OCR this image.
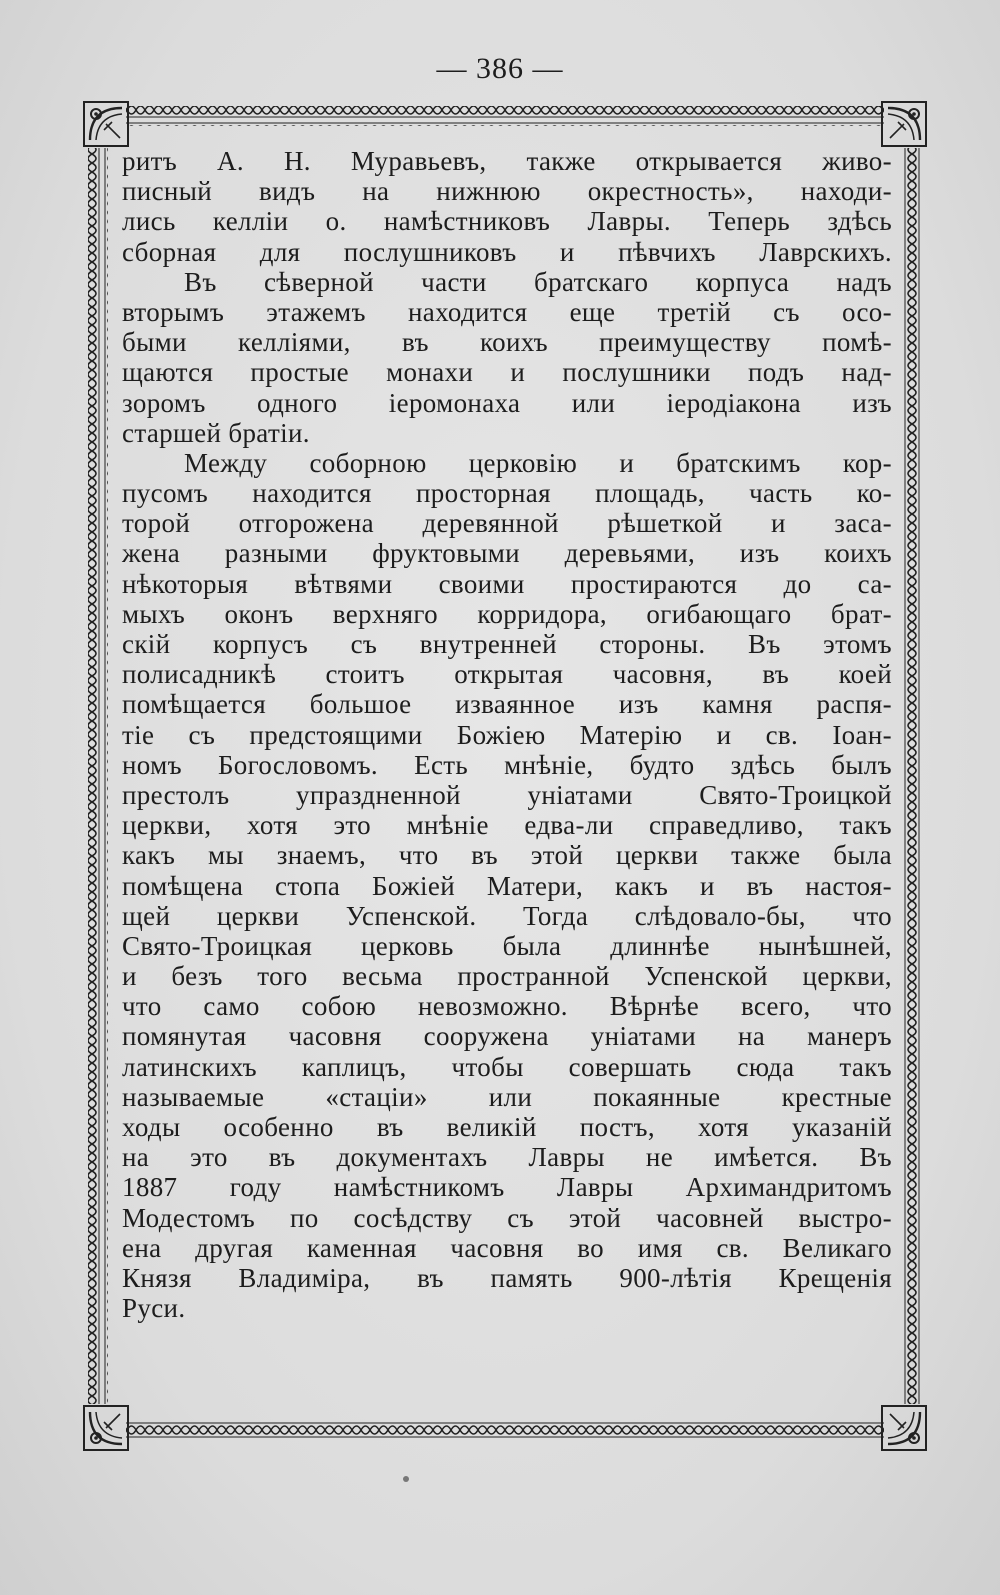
— 386 —
ритъ А. Н. Муравьевъ, также открывается живо-
писный видъ на нижнюю окрестность», находи-
лись келліи о. намѣстниковъ Лавры. Теперь здѣсь
сборная для послушниковъ и пѣвчихъ Лаврскихъ.
Въ сѣверной части братскаго корпуса надъ
вторымъ этажемъ находится еще третій съ осо-
быми келліями, въ коихъ преимуществу помѣ-
щаются простые монахи и послушники подъ над-
зоромъ одного іеромонаха или іеродіакона изъ
старшей братіи.
Между соборною церковію и братскимъ кор-
пусомъ находится просторная площадь, часть ко-
торой отгорожена деревянной рѣшеткой и заса-
жена разными фруктовыми деревьями, изъ коихъ
нѣкоторыя вѣтвями своими простираются до са-
мыхъ оконъ верхняго корридора, огибающаго брат-
скій корпусъ съ внутренней стороны. Въ этомъ
полисадникѣ стоитъ открытая часовня, въ коей
помѣщается большое изваянное изъ камня распя-
тіе съ предстоящими Божіею Матерію и св. Іоан-
номъ Богословомъ. Есть мнѣніе, будто здѣсь былъ
престолъ упраздненной уніатами Свято-Троицкой
церкви, хотя это мнѣніе едва-ли справедливо, такъ
какъ мы знаемъ, что въ этой церкви также была
помѣщена стопа Божіей Матери, какъ и въ настоя-
щей церкви Успенской. Тогда слѣдовало-бы, что
Свято-Троицкая церковь была длиннѣе нынѣшней,
и безъ того весьма пространной Успенской церкви,
что само собою невозможно. Вѣрнѣе всего, что
помянутая часовня сооружена уніатами на манеръ
латинскихъ каплицъ, чтобы совершать сюда такъ
называемые «стаціи» или покаянные крестные
ходы особенно въ великій постъ, хотя указаній
на это въ документахъ Лавры не имѣется. Въ
1887 году намѣстникомъ Лавры Архимандритомъ
Модестомъ по сосѣдству съ этой часовней выстро-
ена другая каменная часовня во имя св. Великаго
Князя Владиміра, въ память 900-лѣтія Крещенія
Руси.
